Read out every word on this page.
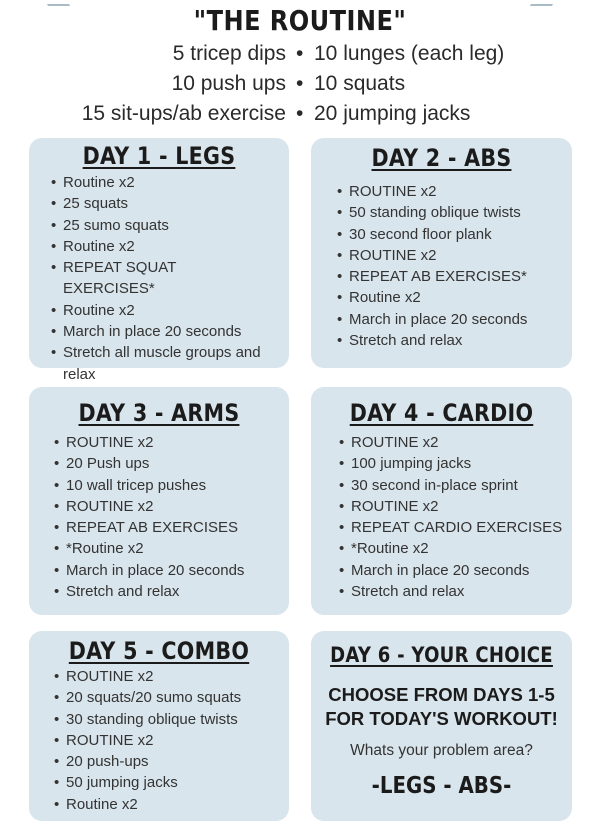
"THE ROUTINE"
5 tricep dips • 10 lunges (each leg)
10 push ups • 10 squats
15 sit-ups/ab exercise • 20 jumping jacks
DAY 1 - LEGS
• Routine x2
• 25 squats
• 25 sumo squats
• Routine x2
• REPEAT SQUAT EXERCISES*
• Routine x2
• March in place 20 seconds
• Stretch all muscle groups and relax
DAY 2 - ABS
• ROUTINE x2
• 50 standing oblique twists
• 30 second floor plank
• ROUTINE x2
• REPEAT AB EXERCISES*
• Routine x2
• March in place 20 seconds
• Stretch and relax
DAY 3 - ARMS
• ROUTINE x2
• 20 Push ups
• 10 wall tricep pushes
• ROUTINE x2
• REPEAT AB EXERCISES
• *Routine x2
• March in place 20 seconds
• Stretch and relax
DAY 4 - CARDIO
• ROUTINE x2
• 100 jumping jacks
• 30 second in-place sprint
• ROUTINE x2
• REPEAT CARDIO EXERCISES
• *Routine x2
• March in place 20 seconds
• Stretch and relax
DAY 5 - COMBO
• ROUTINE x2
• 20 squats/20 sumo squats
• 30 standing oblique twists
• ROUTINE x2
• 20 push-ups
• 50 jumping jacks
• Routine x2
DAY 6 - YOUR CHOICE
CHOOSE FROM DAYS 1-5
FOR TODAY'S WORKOUT!
Whats your problem area?
-LEGS - ABS-
